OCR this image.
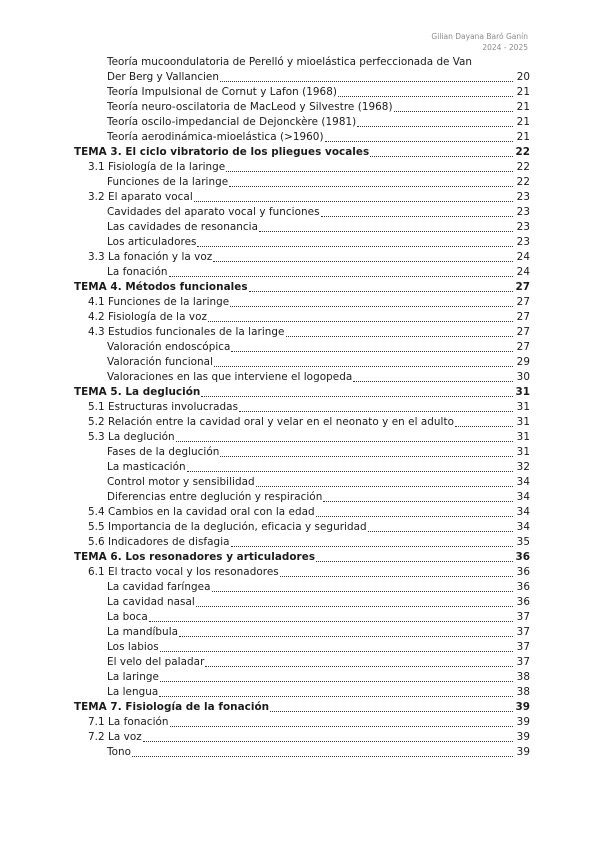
Gilian Dayana Baró Ganín
2024 - 2025
Teoría mucoondulatoria de Perelló y mioelástica perfeccionada de Van
Der Berg y Vallancien	20
Teoría Impulsional de Cornut y Lafon (1968)	21
Teoría neuro-oscilatoria de MacLeod y Silvestre (1968)	21
Teoría oscilo-impedancial de Dejonckère (1981)	21
Teoría aerodinámica-mioelástica (>1960)	21
TEMA 3. El ciclo vibratorio de los pliegues vocales	22
3.1 Fisiología de la laringe	22
Funciones de la laringe	22
3.2 El aparato vocal	23
Cavidades del aparato vocal y funciones	23
Las cavidades de resonancia	23
Los articuladores	23
3.3 La fonación y la voz	24
La fonación	24
TEMA 4. Métodos funcionales	27
4.1 Funciones de la laringe	27
4.2 Fisiología de la voz	27
4.3 Estudios funcionales de la laringe	27
Valoración endoscópica	27
Valoración funcional	29
Valoraciones en las que interviene el logopeda	30
TEMA 5. La deglución	31
5.1 Estructuras involucradas	31
5.2 Relación entre la cavidad oral y velar en el neonato y en el adulto	31
5.3 La deglución	31
Fases de la deglución	31
La masticación	32
Control motor y sensibilidad	34
Diferencias entre deglución y respiración	34
5.4 Cambios en la cavidad oral con la edad	34
5.5 Importancia de la deglución, eficacia y seguridad	34
5.6 Indicadores de disfagia	35
TEMA 6. Los resonadores y articuladores	36
6.1 El tracto vocal y los resonadores	36
La cavidad faríngea	36
La cavidad nasal	36
La boca	37
La mandíbula	37
Los labios	37
El velo del paladar	37
La laringe	38
La lengua	38
TEMA 7. Fisiología de la fonación	39
7.1 La fonación	39
7.2 La voz	39
Tono	39
